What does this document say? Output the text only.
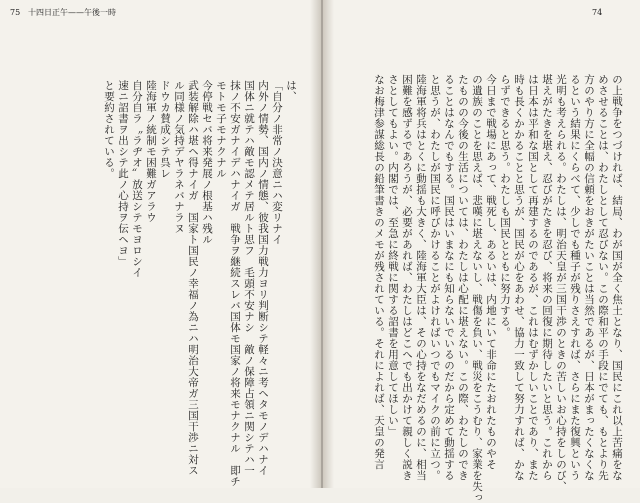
75 十四日正午——午後一時	74
の上戦争をつづければ、結局、わが国が全く焦土となり、国民にこれ以上苦痛をな
めさせることは、わたしとして忍びない。この際和平の手段にでても、もとより先
方のやり方に全幅の信頼をおきがたいことは当然であるが、日本がまったくなくな
るという結果にくらべて、少しでも種子が残りさえすれば、さらにまた復興という
光明も考えられる。わたしは、明治天皇が三国干渉のときの苦しいお心持をしのび、
堪えがたきを堪え、忍びがたきを忍び、将来の回復に期待したいと思う。これから
は日本は平和な国として再建するのであるが、これはむずかしいことであり、また
時も長くかかることと思うが、国民が心をあわせ、協力一致して努力すれば、かな
らずできると思う。わたしも国民とともに努力する。
今日まで戦場にあって、戦死し、あるいは、内地にいて非命にたおれたものやそ
の遺族のことを思えば、悲嘆に堪えないし、戦傷を負い、戦災をこうむり、家業を失っ
たものの今後の生活については、わたしは心配に堪えない。この際、わたしのでき
ることはなんでもする。国民はいまなにも知らないでいるのだから定めて動揺する
と思うが、わたしが国民に呼びかけることがよければいつでもマイクの前に立つ。
陸海軍将兵はとくに動揺も大きく、陸海軍大臣は、その心持をなだめるのに、相当
困難を感ずるであろうが、必要があれば、わたしはどこへでも出かけて親しく説き
さとしてもよい。内閣では、至急に終戦に関する詔書を用意してほしい」
なお梅津参謀総長の鉛筆書きのメモが残されている。それによれば、天皇の発言
は、
「自分ノ非常ノ決意ニハ変リナイ
内外ノ情勢、国内ノ情態、彼我国力戦力ヨリ判断シテ軽々ニ考ヘタモノデハナイ
国体ニ就テハ敵モ認メテ居ルト思フ　毛頭不安ナシ　敵ノ保障占領ニ関シテハ一
抹ノ不安ガナイデハナイガ　戦争ヲ継続スレバ国体モ国家ノ将来モナクナル　即チ
モトモ子モナクナル
今停戦セバ将来発展ノ根基ハ残ル
武装解除ハ堪ヘ得ナイガ　国家ト国民ノ幸福ノ為ニハ明治大帝ガ三国干渉ニ対ス
ル同様ノ気持デヤラネバナラヌ
ドウカ賛成シテ呉レ
陸海軍ノ統制モ困難ガアラウ
自分自ラ〝ラヂオ〟放送シテモヨロシイ
速ニ詔書ヲ出シテ此ノ心持ヲ伝ヘヨ」
と要約されている。
